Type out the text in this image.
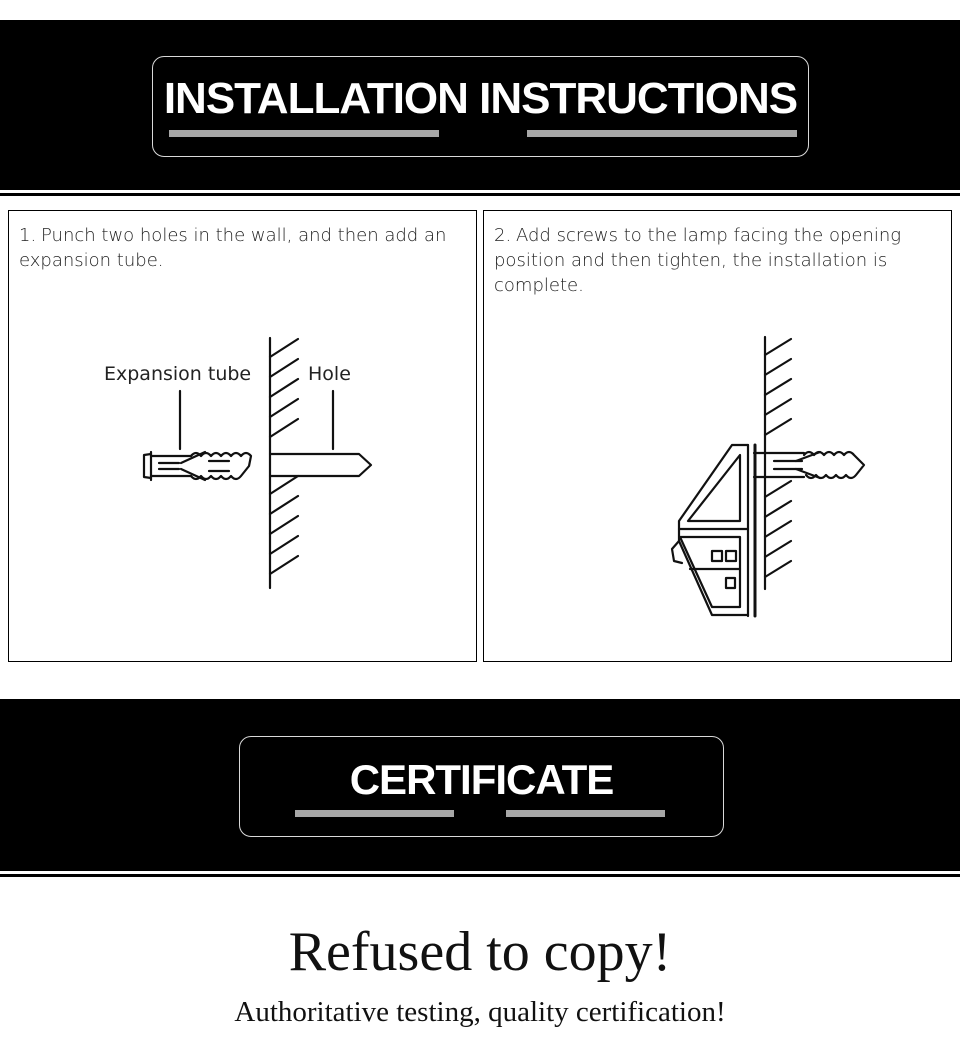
INSTALLATION INSTRUCTIONS
1. Punch two holes in the wall, and then add an expansion tube.
Expansion tube	Hole
2. Add screws to the lamp facing the opening position and then tighten, the installation is complete.
CERTIFICATE
Refused to copy!
Authoritative testing, quality certification!
